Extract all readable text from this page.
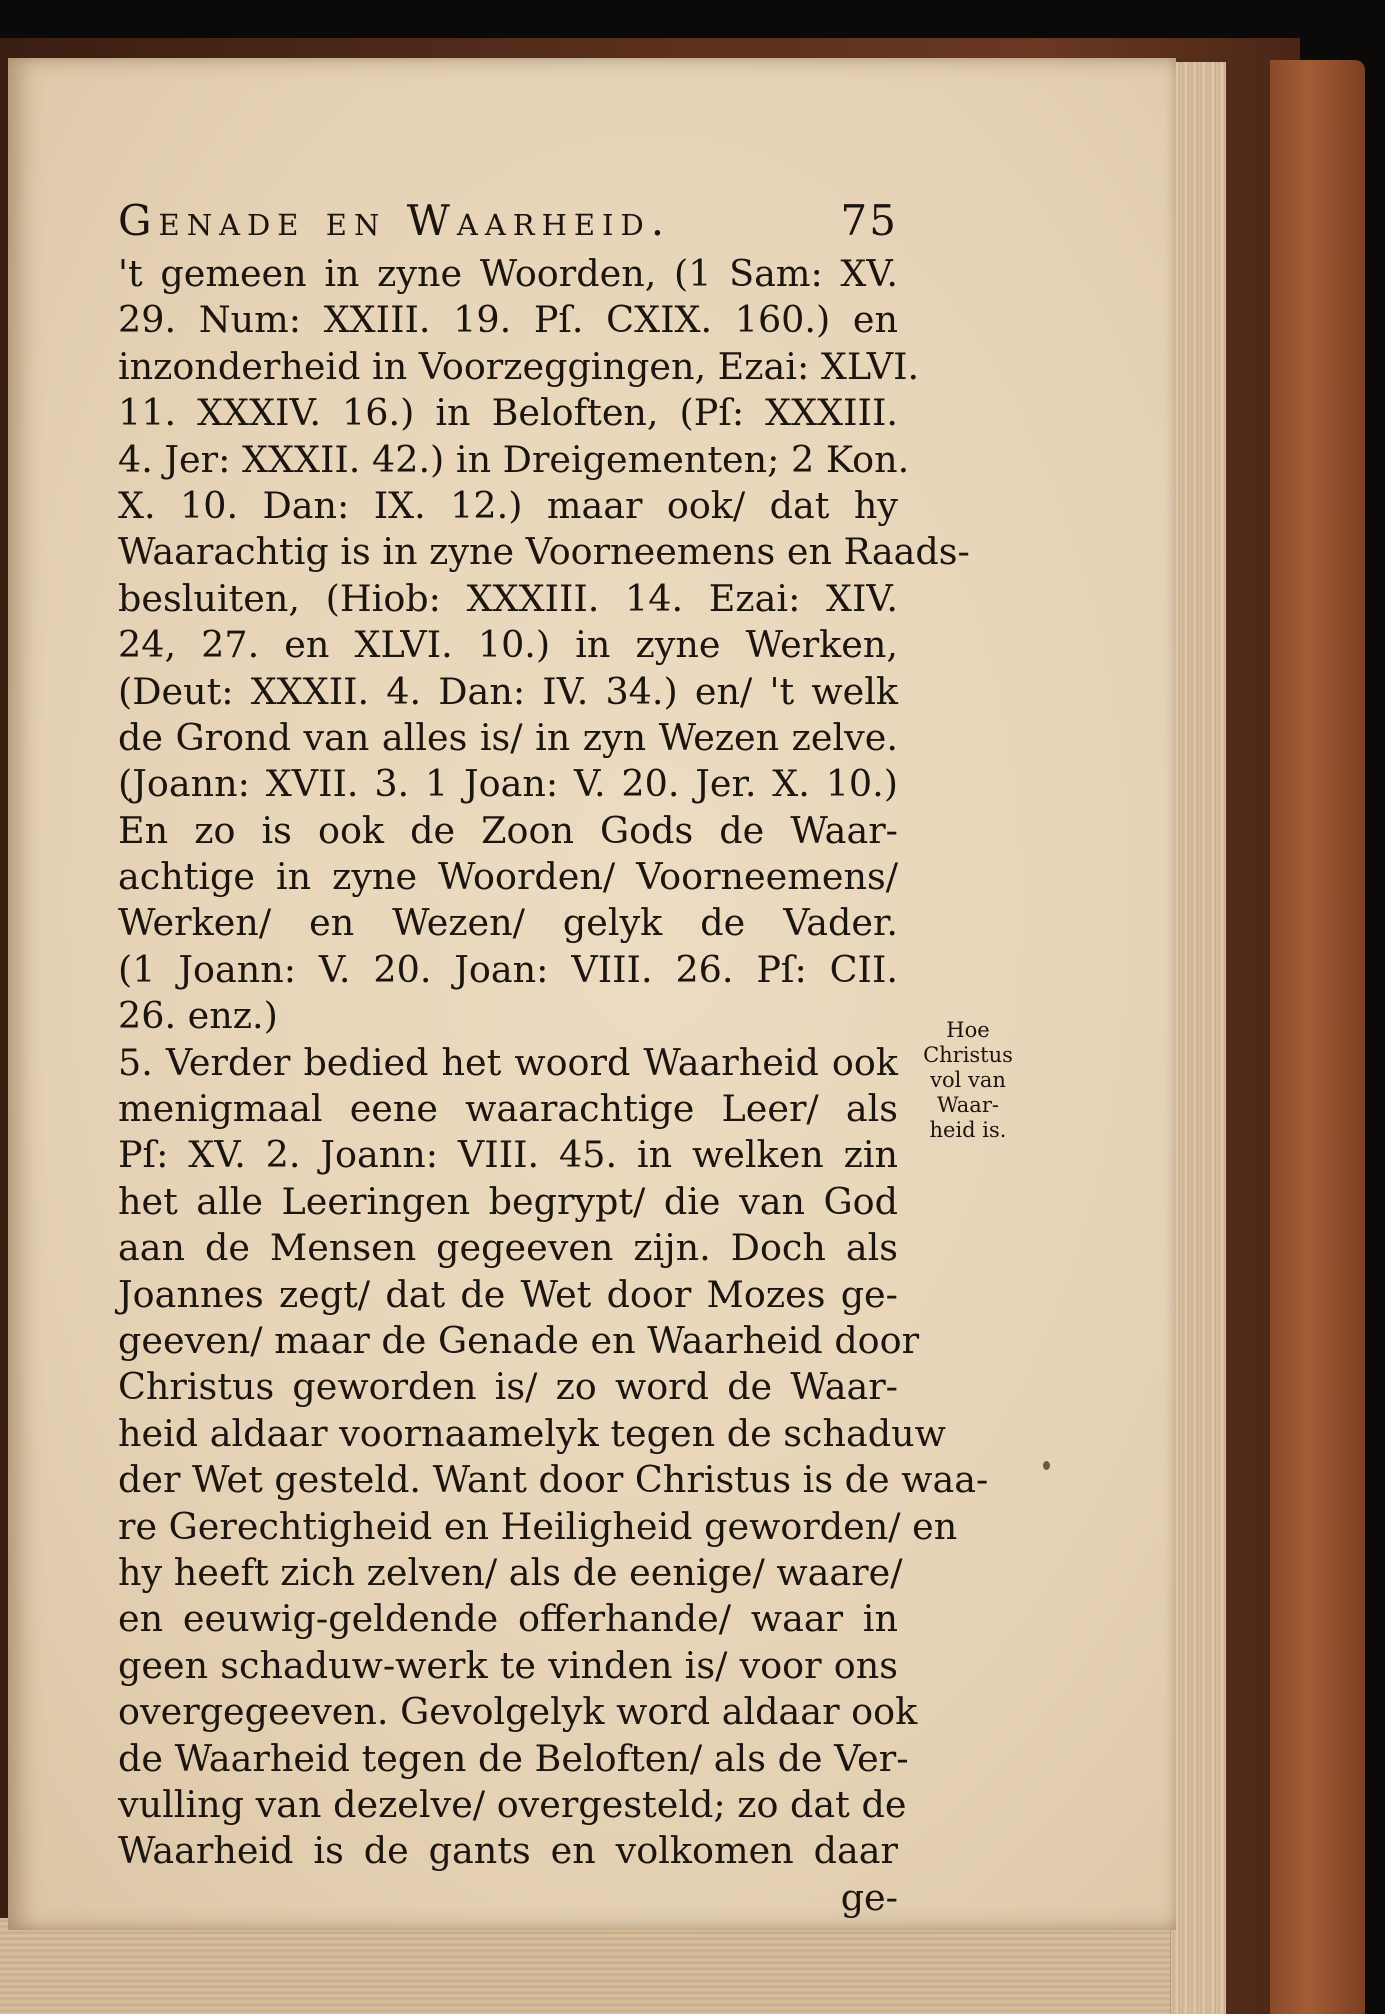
Genade en Waarheid.	75
't gemeen in zyne Woorden, (1 Sam: XV.
29. Num: XXIII. 19. Pſ. CXIX. 160.) en
inzonderheid in Voorzeggingen, Ezai: XLVI.
11. XXXIV. 16.) in Beloften, (Pſ: XXXIII.
4. Jer: XXXII. 42.) in Dreigementen; 2 Kon.
X. 10. Dan: IX. 12.) maar ook/ dat hy
Waarachtig is in zyne Voorneemens en Raads-
besluiten, (Hiob: XXXIII. 14. Ezai: XIV.
24, 27. en XLVI. 10.) in zyne Werken,
(Deut: XXXII. 4. Dan: IV. 34.) en/ 't welk
de Grond van alles is/ in zyn Wezen zelve.
(Joann: XVII. 3. 1 Joan: V. 20. Jer. X. 10.)
En zo is ook de Zoon Gods de Waar-
achtige in zyne Woorden/ Voorneemens/
Werken/ en Wezen/ gelyk de Vader.
(1 Joann: V. 20. Joan: VIII. 26. Pſ: CII.
26. enz.)
5. Verder bedied het woord Waarheid ook
menigmaal eene waarachtige Leer/ als
Pſ: XV. 2. Joann: VIII. 45. in welken zin
het alle Leeringen begrypt/ die van God
aan de Mensen gegeeven zijn. Doch als
Joannes zegt/ dat de Wet door Mozes ge-
geeven/ maar de Genade en Waarheid door
Christus geworden is/ zo word de Waar-
heid aldaar voornaamelyk tegen de schaduw
der Wet gesteld. Want door Christus is de waa-
re Gerechtigheid en Heiligheid geworden/ en
hy heeft zich zelven/ als de eenige/ waare/
en eeuwig-geldende offerhande/ waar in
geen schaduw-werk te vinden is/ voor ons
overgegeeven. Gevolgelyk word aldaar ook
de Waarheid tegen de Beloften/ als de Ver-
vulling van dezelve/ overgesteld; zo dat de
Waarheid is de gants en volkomen daar
ge-
Hoe
Christus
vol van
Waar-
heid is.
